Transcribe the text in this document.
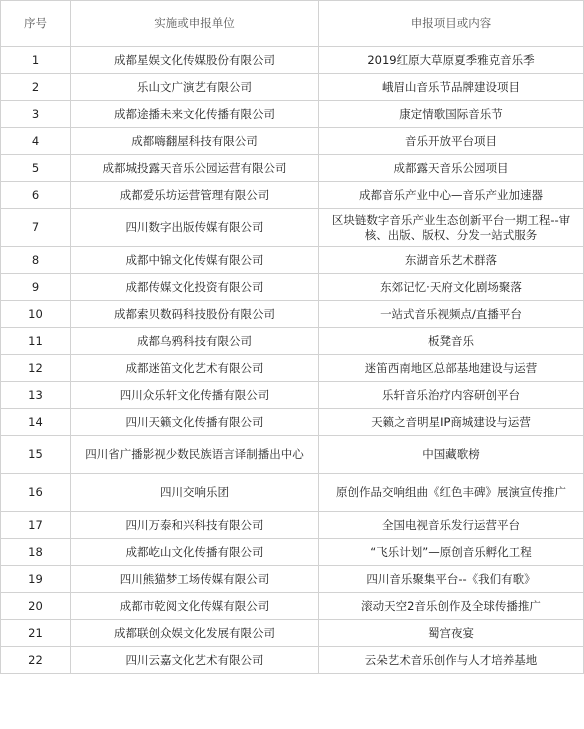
序号	实施或申报单位	申报项目或内容
1	成都星娱文化传媒股份有限公司	2019红原大草原夏季雅克音乐季
2	乐山文广演艺有限公司	峨眉山音乐节品牌建设项目
3	成都途播未来文化传播有限公司	康定情歌国际音乐节
4	成都嗨翻屋科技有限公司	音乐开放平台项目
5	成都城投露天音乐公园运营有限公司	成都露天音乐公园项目
6	成都爱乐坊运营管理有限公司	成都音乐产业中心—音乐产业加速器
7	四川数字出版传媒有限公司	区块链数字音乐产业生态创新平台一期工程--审核、出版、版权、分发一站式服务
8	成都中锦文化传媒有限公司	东湖音乐艺术群落
9	成都传媒文化投资有限公司	东郊记忆·天府文化剧场聚落
10	成都索贝数码科技股份有限公司	一站式音乐视频点/直播平台
11	成都乌鸦科技有限公司	板凳音乐
12	成都迷笛文化艺术有限公司	迷笛西南地区总部基地建设与运营
13	四川众乐轩文化传播有限公司	乐轩音乐治疗内容研创平台
14	四川天籁文化传播有限公司	天籁之音明星IP商城建设与运营
15	四川省广播影视少数民族语言译制播出中心	中国藏歌榜
16	四川交响乐团	原创作品交响组曲《红色丰碑》展演宣传推广
17	四川万泰和兴科技有限公司	全国电视音乐发行运营平台
18	成都屹山文化传播有限公司	“飞乐计划”—原创音乐孵化工程
19	四川熊猫梦工场传媒有限公司	四川音乐聚集平台--《我们有歌》
20	成都市乾阅文化传媒有限公司	滚动天空2音乐创作及全球传播推广
21	成都联创众娱文化发展有限公司	蜀宫夜宴
22	四川云嘉文化艺术有限公司	云朵艺术音乐创作与人才培养基地
